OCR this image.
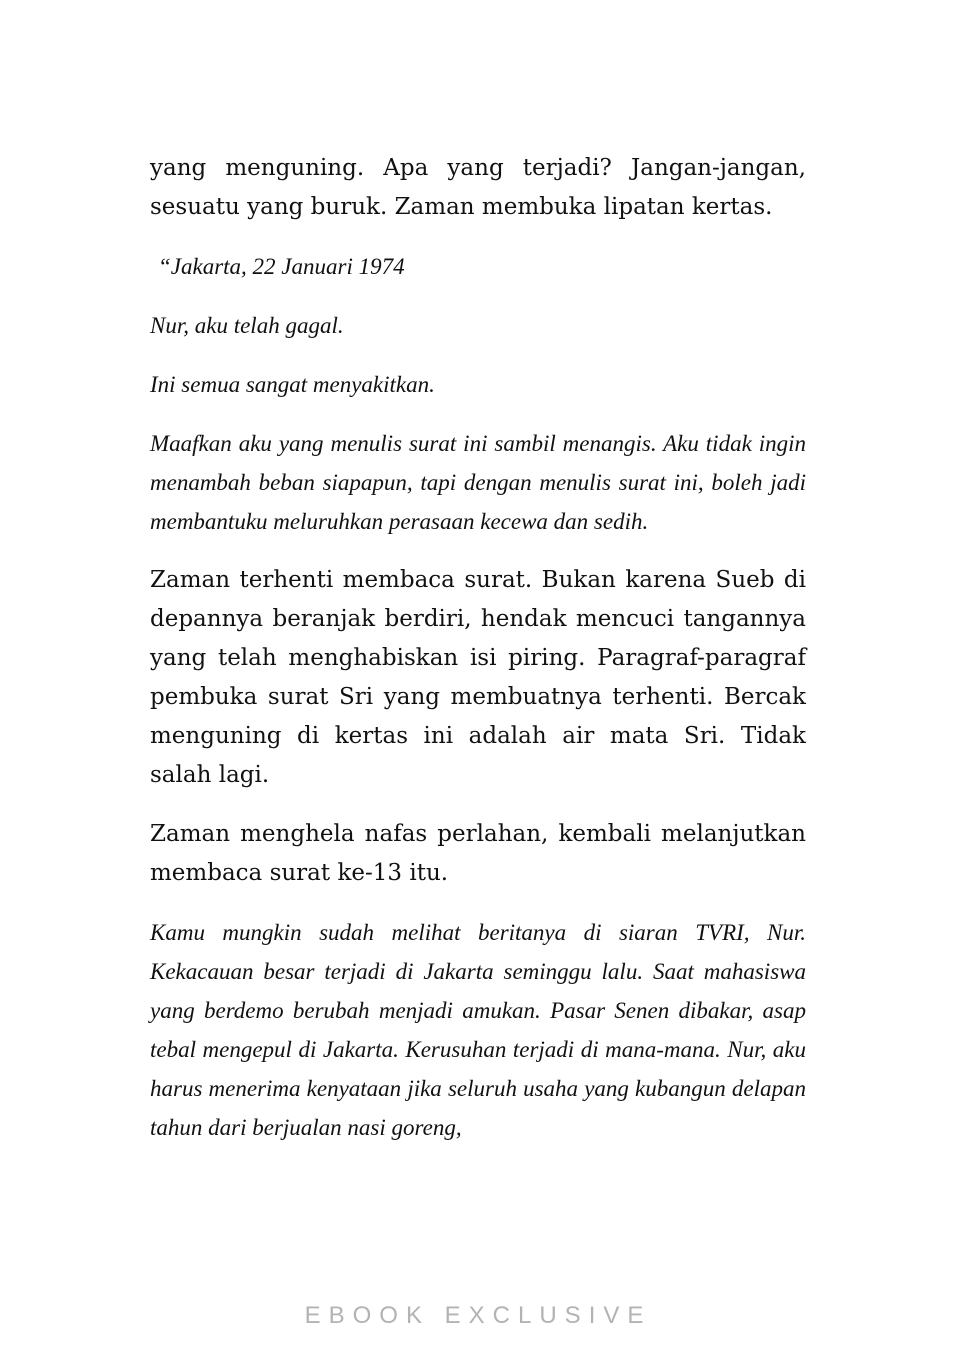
yang menguning. Apa yang terjadi? Jangan-jangan, sesuatu yang buruk. Zaman membuka lipatan kertas.

“Jakarta, 22 Januari 1974

Nur, aku telah gagal.

Ini semua sangat menyakitkan.

Maafkan aku yang menulis surat ini sambil menangis. Aku tidak ingin menambah beban siapapun, tapi dengan menulis surat ini, boleh jadi membantuku meluruhkan perasaan kecewa dan sedih.

Zaman terhenti membaca surat. Bukan karena Sueb di depannya beranjak berdiri, hendak mencuci tangannya yang telah menghabiskan isi piring. Paragraf-paragraf pembuka surat Sri yang membuatnya terhenti. Bercak menguning di kertas ini adalah air mata Sri. Tidak salah lagi.

Zaman menghela nafas perlahan, kembali melanjutkan membaca surat ke-13 itu.

Kamu mungkin sudah melihat beritanya di siaran TVRI, Nur. Kekacauan besar terjadi di Jakarta seminggu lalu. Saat mahasiswa yang berdemo berubah menjadi amukan. Pasar Senen dibakar, asap tebal mengepul di Jakarta. Kerusuhan terjadi di mana-mana. Nur, aku harus menerima kenyataan jika seluruh usaha yang kubangun delapan tahun dari berjualan nasi goreng,

EBOOK EXCLUSIVE
